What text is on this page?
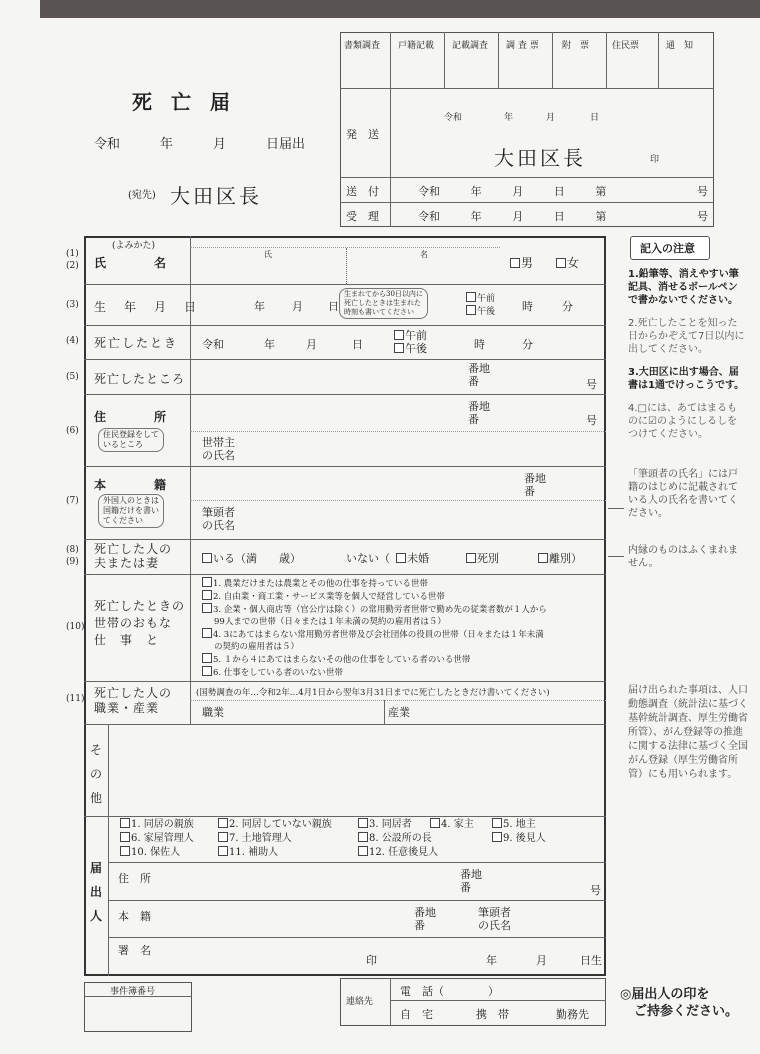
死 亡 届
令和	年	月	日届出
(宛先) 大田区長
書類調査 戸籍記載 記載調査 調 査 票	附　票	住民票	通　知
発　送
令和	年	月	日
大田区長	印
送　付	令和	年	月	日	第	号
受　理	令和	年	月	日	第	号
(1)
(2)
(よみかた)
氏　　　　名
氏	名
男	女
(3) 生　年　月　日	年 月 日
生まれてから30日以内に
死亡したときは生まれた
時刻も書いてください
午前
午後 時	分
(4) 死亡したとき 令和	年	月	日
午前
午後	時	分
(5) 死亡したところ
番地
番	号
(6)
住　　　　所
住民登録をして
いるところ
番地
番	号
世帯主
の氏名
(7)
本　　　　籍
外国人のときは
国籍だけを書い
てください
番地
番
筆頭者
の氏名
(8)
(9)
死亡した人の
夫または妻	いる（満　　歳）	いない（	未婚	死別	離別）
(10)
死亡したときの
世帯のおもな
仕　事　と
1. 農業だけまたは農業とその他の仕事を持っている世帯
2. 自由業・商工業・サービス業等を個人で経営している世帯
3. 企業・個人商店等（官公庁は除く）の常用勤労者世帯で勤め先の従業者数が１人から
99人までの世帯（日々または１年未満の契約の雇用者は５）
4. 3にあてはまらない常用勤労者世帯及び会社団体の役員の世帯（日々または１年未満
の契約の雇用者は５）
5. １から４にあてはまらないその他の仕事をしている者のいる世帯
6. 仕事をしている者のいない世帯
(11) 死亡した人の
職業・産業
(国勢調査の年…令和2年…4月1日から翌年3月31日までに死亡したときだけ書いてください)
職業	産業
そ
の
他
届
出
人
1. 同居の親族	2. 同居していない親族	3. 同居者	4. 家主	5. 地主
6. 家屋管理人	7. 土地管理人	8. 公設所の長	9. 後見人
10. 保佐人	11. 補助人	12. 任意後見人
住　所	番地
番	号
本　籍	番地
番
筆頭者
の氏名
署　名
印	年	月	日生
事件簿番号
連絡先
電　話（　　　　）
自　宅	携　帯	勤務先
記入の注意
1.鉛筆等、消えやすい筆記具、消せるボールペンで書かないでください。
2.死亡したことを知った日からかぞえて7日以内に出してください。
3.大田区に出す場合、届書は1通でけっこうです。
4.□には、あてはまるものに☑のようにしるしをつけてください。
「筆頭者の氏名」には戸籍のはじめに記載されている人の氏名を書いてください。
内縁のものはふくまれません。
届け出られた事項は、人口動態調査（統計法に基づく基幹統計調査、厚生労働省所管）、がん登録等の推進に関する法律に基づく全国がん登録（厚生労働省所管）にも用いられます。
◎届出人の印を
ご持参ください。
